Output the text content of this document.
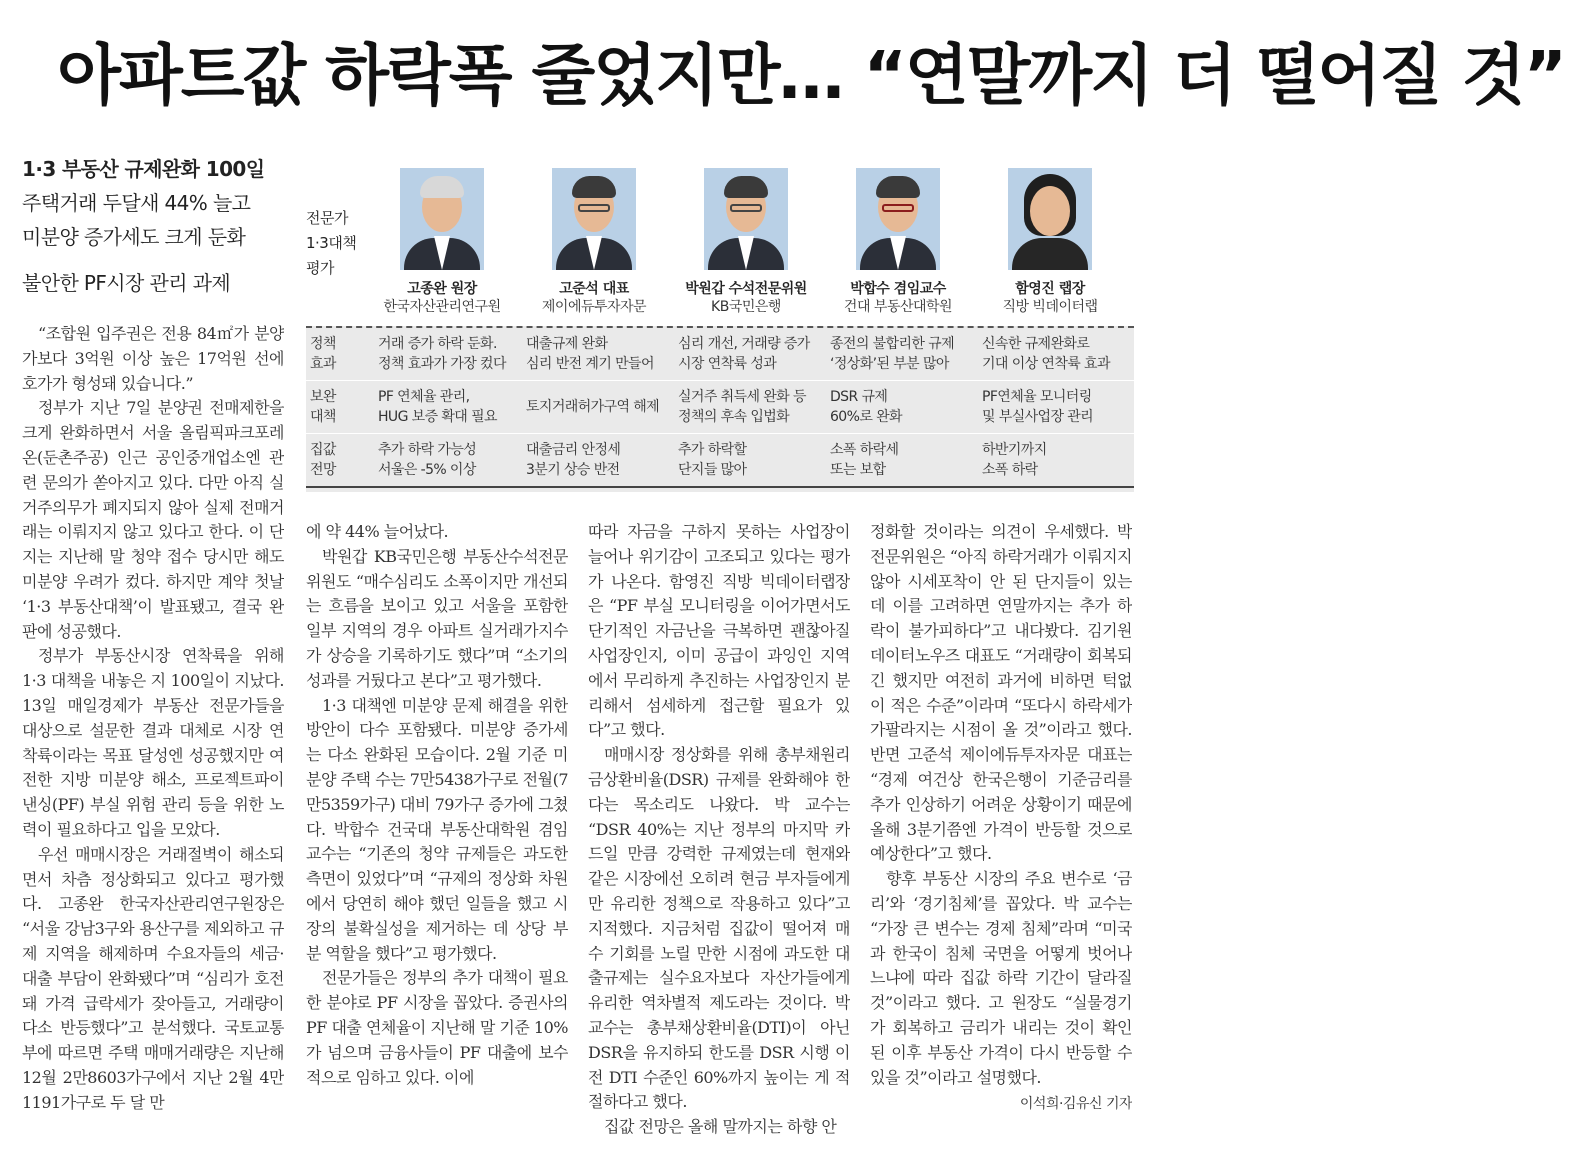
아파트값 하락폭 줄었지만… “연말까지 더 떨어질 것”
1·3 부동산 규제완화 100일
주택거래 두달새 44% 늘고
미분양 증가세도 크게 둔화
불안한 PF시장 관리 과제
전문가
1·3대책
평가
고종완 원장
한국자산관리연구원
고준석 대표
제이에듀투자자문
박원갑 수석전문위원
KB국민은행
박합수 겸임교수
건대 부동산대학원
함영진 랩장
직방 빅데이터랩
정책
효과
거래 증가 하락 둔화.
정책 효과가 가장 컸다
대출규제 완화
심리 반전 계기 만들어
심리 개선, 거래량 증가
시장 연착륙 성과
종전의 불합리한 규제
‘정상화’된 부분 많아
신속한 규제완화로
기대 이상 연착륙 효과
보완
대책
PF 연체율 관리,
HUG 보증 확대 필요
토지거래허가구역 해제
실거주 취득세 완화 등
정책의 후속 입법화
DSR 규제
60%로 완화
PF연체율 모니터링
및 부실사업장 관리
집값
전망
추가 하락 가능성
서울은 -5% 이상
대출금리 안정세
3분기 상승 반전
추가 하락할
단지들 많아
소폭 하락세
또는 보합
하반기까지
소폭 하락

“조합원 입주권은 전용 84㎡가 분양가보다 3억원 이상 높은 17억원 선에 호가가 형성돼 있습니다.”

정부가 지난 7일 분양권 전매제한을 크게 완화하면서 서울 올림픽파크포레온(둔촌주공) 인근 공인중개업소엔 관련 문의가 쏟아지고 있다. 다만 아직 실거주의무가 폐지되지 않아 실제 전매거래는 이뤄지지 않고 있다고 한다. 이 단지는 지난해 말 청약 접수 당시만 해도 미분양 우려가 컸다. 하지만 계약 첫날 ‘1·3 부동산대책’이 발표됐고, 결국 완판에 성공했다.

정부가 부동산시장 연착륙을 위해 1·3 대책을 내놓은 지 100일이 지났다. 13일 매일경제가 부동산 전문가들을 대상으로 설문한 결과 대체로 시장 연착륙이라는 목표 달성엔 성공했지만 여전한 지방 미분양 해소, 프로젝트파이낸싱(PF) 부실 위험 관리 등을 위한 노력이 필요하다고 입을 모았다.

우선 매매시장은 거래절벽이 해소되면서 차츰 정상화되고 있다고 평가했다. 고종완 한국자산관리연구원장은 “서울 강남3구와 용산구를 제외하고 규제 지역을 해제하며 수요자들의 세금·대출 부담이 완화됐다”며 “심리가 호전돼 가격 급락세가 잦아들고, 거래량이 다소 반등했다”고 분석했다. 국토교통부에 따르면 주택 매매거래량은 지난해 12월 2만8603가구에서 지난 2월 4만1191가구로 두 달 만

에 약 44% 늘어났다.

박원갑 KB국민은행 부동산수석전문위원도 “매수심리도 소폭이지만 개선되는 흐름을 보이고 있고 서울을 포함한 일부 지역의 경우 아파트 실거래가지수가 상승을 기록하기도 했다”며 “소기의 성과를 거뒀다고 본다”고 평가했다.

1·3 대책엔 미분양 문제 해결을 위한 방안이 다수 포함됐다. 미분양 증가세는 다소 완화된 모습이다. 2월 기준 미분양 주택 수는 7만5438가구로 전월(7만5359가구) 대비 79가구 증가에 그쳤다. 박합수 건국대 부동산대학원 겸임교수는 “기존의 청약 규제들은 과도한 측면이 있었다”며 “규제의 정상화 차원에서 당연히 해야 했던 일들을 했고 시장의 불확실성을 제거하는 데 상당 부분 역할을 했다”고 평가했다.

전문가들은 정부의 추가 대책이 필요한 분야로 PF 시장을 꼽았다. 증권사의 PF 대출 연체율이 지난해 말 기준 10%가 넘으며 금융사들이 PF 대출에 보수적으로 임하고 있다. 이에

따라 자금을 구하지 못하는 사업장이 늘어나 위기감이 고조되고 있다는 평가가 나온다. 함영진 직방 빅데이터랩장은 “PF 부실 모니터링을 이어가면서도 단기적인 자금난을 극복하면 괜찮아질 사업장인지, 이미 공급이 과잉인 지역에서 무리하게 추진하는 사업장인지 분리해서 섬세하게 접근할 필요가 있다”고 했다.

매매시장 정상화를 위해 총부채원리금상환비율(DSR) 규제를 완화해야 한다는 목소리도 나왔다. 박 교수는 “DSR 40%는 지난 정부의 마지막 카드일 만큼 강력한 규제였는데 현재와 같은 시장에선 오히려 현금 부자들에게만 유리한 정책으로 작용하고 있다”고 지적했다. 지금처럼 집값이 떨어져 매수 기회를 노릴 만한 시점에 과도한 대출규제는 실수요자보다 자산가들에게 유리한 역차별적 제도라는 것이다. 박 교수는 총부채상환비율(DTI)이 아닌 DSR을 유지하되 한도를 DSR 시행 이전 DTI 수준인 60%까지 높이는 게 적절하다고 했다.

집값 전망은 올해 말까지는 하향 안

정화할 것이라는 의견이 우세했다. 박 전문위원은 “아직 하락거래가 이뤄지지 않아 시세포착이 안 된 단지들이 있는데 이를 고려하면 연말까지는 추가 하락이 불가피하다”고 내다봤다. 김기원 데이터노우즈 대표도 “거래량이 회복되긴 했지만 여전히 과거에 비하면 턱없이 적은 수준”이라며 “또다시 하락세가 가팔라지는 시점이 올 것”이라고 했다. 반면 고준석 제이에듀투자자문 대표는 “경제 여건상 한국은행이 기준금리를 추가 인상하기 어려운 상황이기 때문에 올해 3분기쯤엔 가격이 반등할 것으로 예상한다”고 했다.

향후 부동산 시장의 주요 변수로 ‘금리’와 ‘경기침체’를 꼽았다. 박 교수는 “가장 큰 변수는 경제 침체”라며 “미국과 한국이 침체 국면을 어떻게 벗어나느냐에 따라 집값 하락 기간이 달라질 것”이라고 했다. 고 원장도 “실물경기가 회복하고 금리가 내리는 것이 확인된 이후 부동산 가격이 다시 반등할 수 있을 것”이라고 설명했다.

이석희·김유신 기자
